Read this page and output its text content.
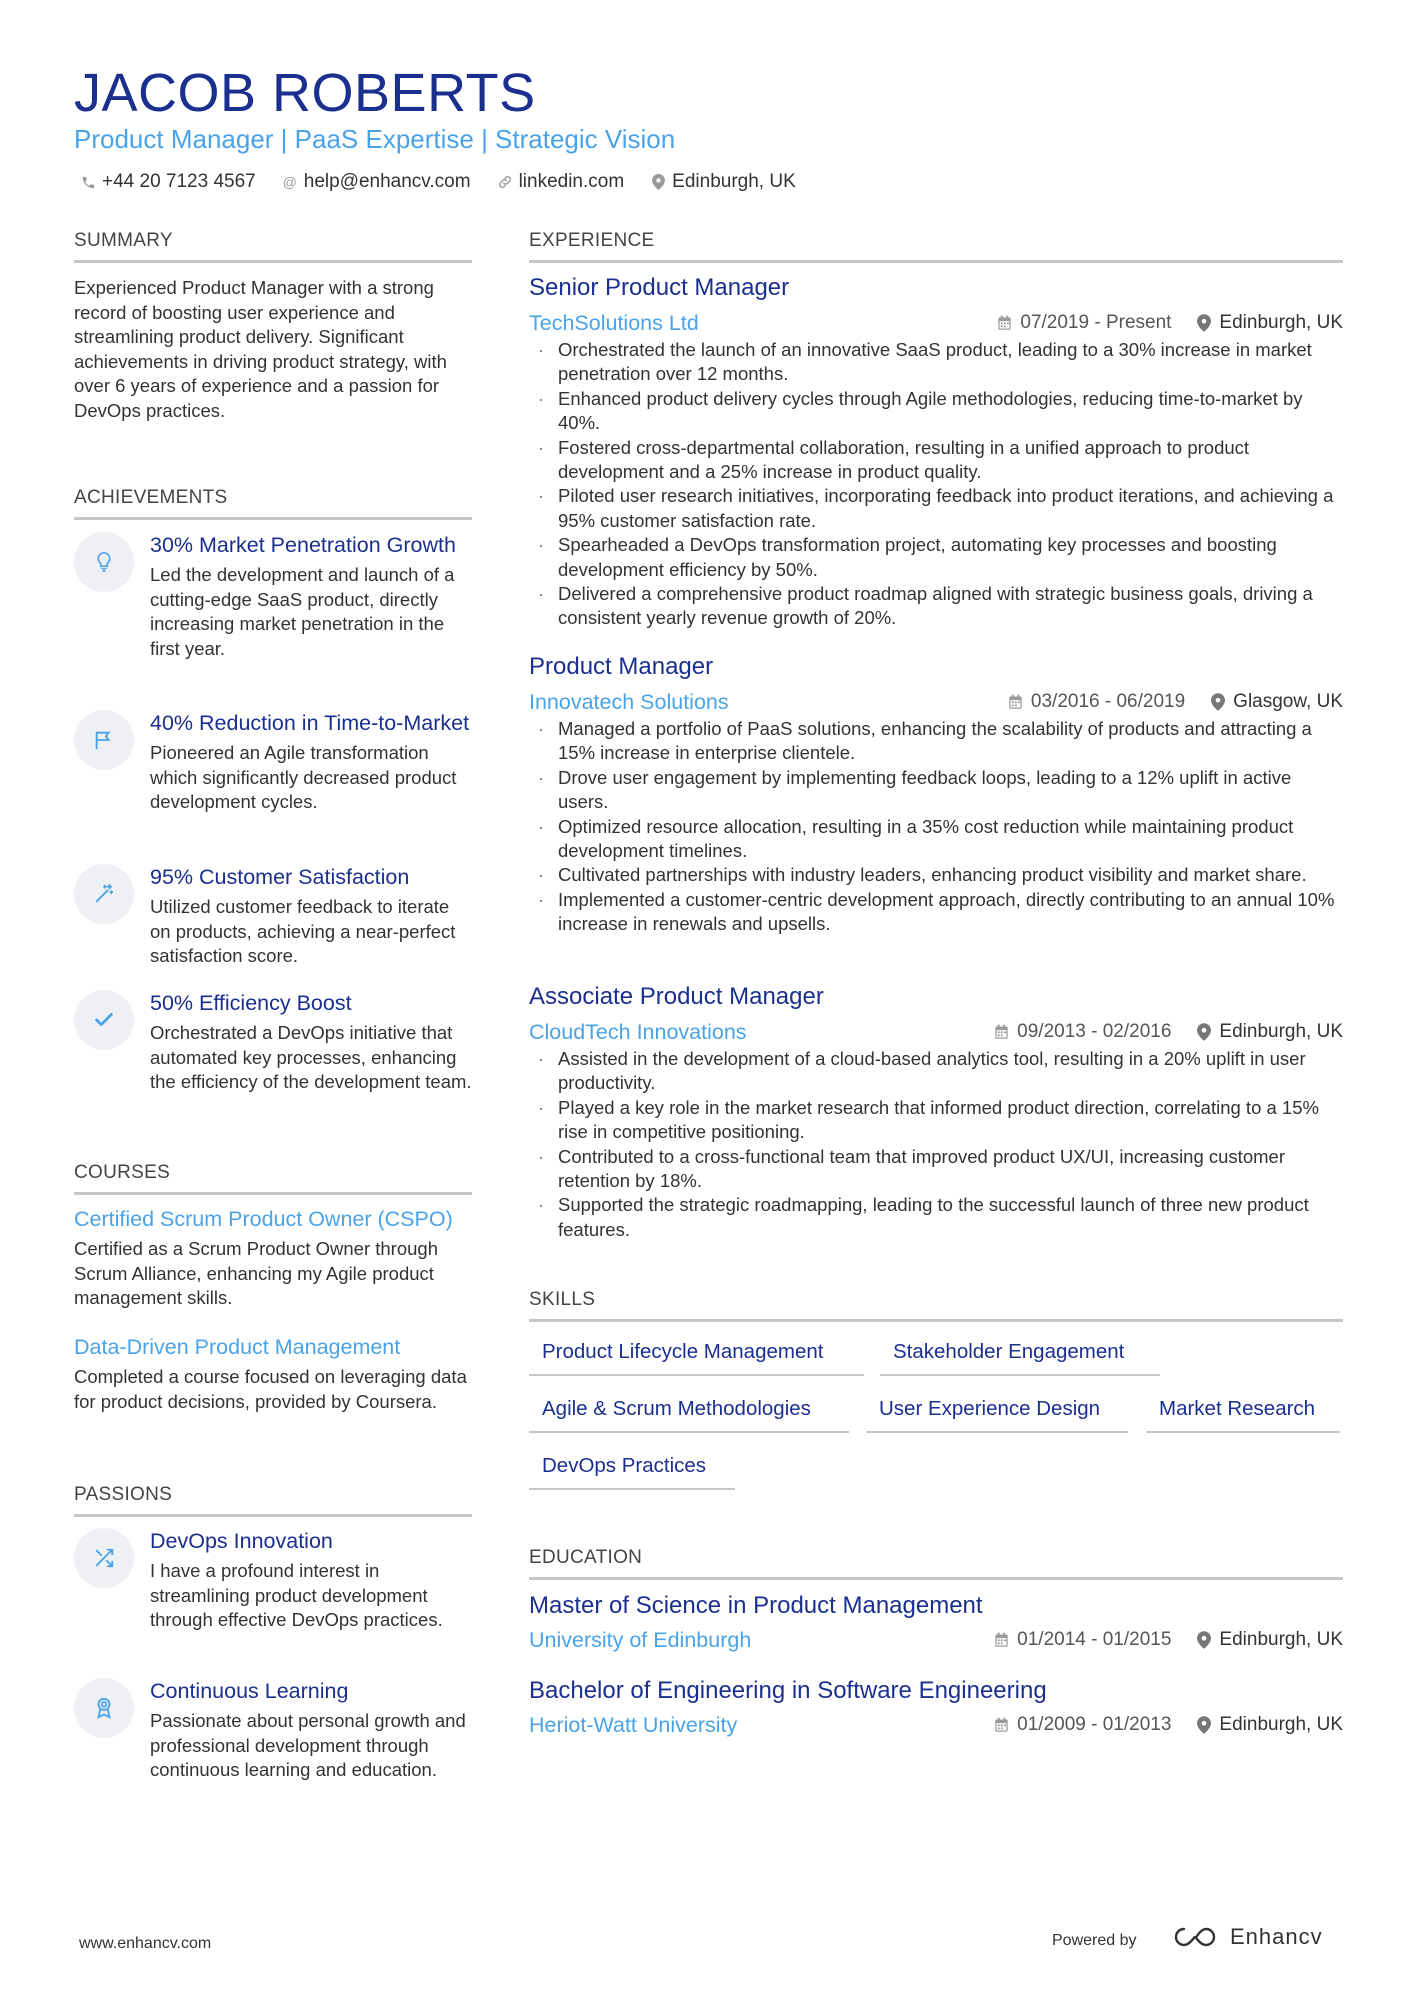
JACOB ROBERTS
Product Manager | PaaS Expertise | Strategic Vision
+44 20 7123 4567 @ help@enhancv.com	linkedin.com	Edinburgh, UK
SUMMARY
Experienced Product Manager with a strong record of boosting user experience and streamlining product delivery. Significant achievements in driving product strategy, with over 6 years of experience and a passion for DevOps practices.
ACHIEVEMENTS
30% Market Penetration Growth
Led the development and launch of a cutting-edge SaaS product, directly increasing market penetration in the first year.
40% Reduction in Time-to-Market
Pioneered an Agile transformation which significantly decreased product development cycles.
95% Customer Satisfaction
Utilized customer feedback to iterate on products, achieving a near-perfect satisfaction score.
50% Efficiency Boost
Orchestrated a DevOps initiative that automated key processes, enhancing the efficiency of the development team.
COURSES
Certified Scrum Product Owner (CSPO)
Certified as a Scrum Product Owner through Scrum Alliance, enhancing my Agile product management skills.
Data-Driven Product Management
Completed a course focused on leveraging data for product decisions, provided by Coursera.
PASSIONS
DevOps Innovation
I have a profound interest in streamlining product development through effective DevOps practices.
Continuous Learning
Passionate about personal growth and professional development through continuous learning and education.
EXPERIENCE
Senior Product Manager
TechSolutions Ltd	07/2019 - Present	Edinburgh, UK
· Orchestrated the launch of an innovative SaaS product, leading to a 30% increase in market penetration over 12 months.
· Enhanced product delivery cycles through Agile methodologies, reducing time-to-market by 40%.
· Fostered cross-departmental collaboration, resulting in a unified approach to product development and a 25% increase in product quality.
· Piloted user research initiatives, incorporating feedback into product iterations, and achieving a 95% customer satisfaction rate.
· Spearheaded a DevOps transformation project, automating key processes and boosting development efficiency by 50%.
· Delivered a comprehensive product roadmap aligned with strategic business goals, driving a consistent yearly revenue growth of 20%.
Product Manager
Innovatech Solutions	03/2016 - 06/2019	Glasgow, UK
· Managed a portfolio of PaaS solutions, enhancing the scalability of products and attracting a 15% increase in enterprise clientele.
· Drove user engagement by implementing feedback loops, leading to a 12% uplift in active users.
· Optimized resource allocation, resulting in a 35% cost reduction while maintaining product development timelines.
· Cultivated partnerships with industry leaders, enhancing product visibility and market share.
· Implemented a customer-centric development approach, directly contributing to an annual 10% increase in renewals and upsells.
Associate Product Manager
CloudTech Innovations	09/2013 - 02/2016	Edinburgh, UK
· Assisted in the development of a cloud-based analytics tool, resulting in a 20% uplift in user productivity.
· Played a key role in the market research that informed product direction, correlating to a 15% rise in competitive positioning.
· Contributed to a cross-functional team that improved product UX/UI, increasing customer retention by 18%.
· Supported the strategic roadmapping, leading to the successful launch of three new product features.
SKILLS
Product Lifecycle Management	Stakeholder Engagement
Agile & Scrum Methodologies	User Experience Design	Market Research
DevOps Practices
EDUCATION
Master of Science in Product Management
University of Edinburgh	01/2014 - 01/2015	Edinburgh, UK
Bachelor of Engineering in Software Engineering
Heriot-Watt University	01/2009 - 01/2013	Edinburgh, UK
www.enhancv.com	Powered by	Enhancv
